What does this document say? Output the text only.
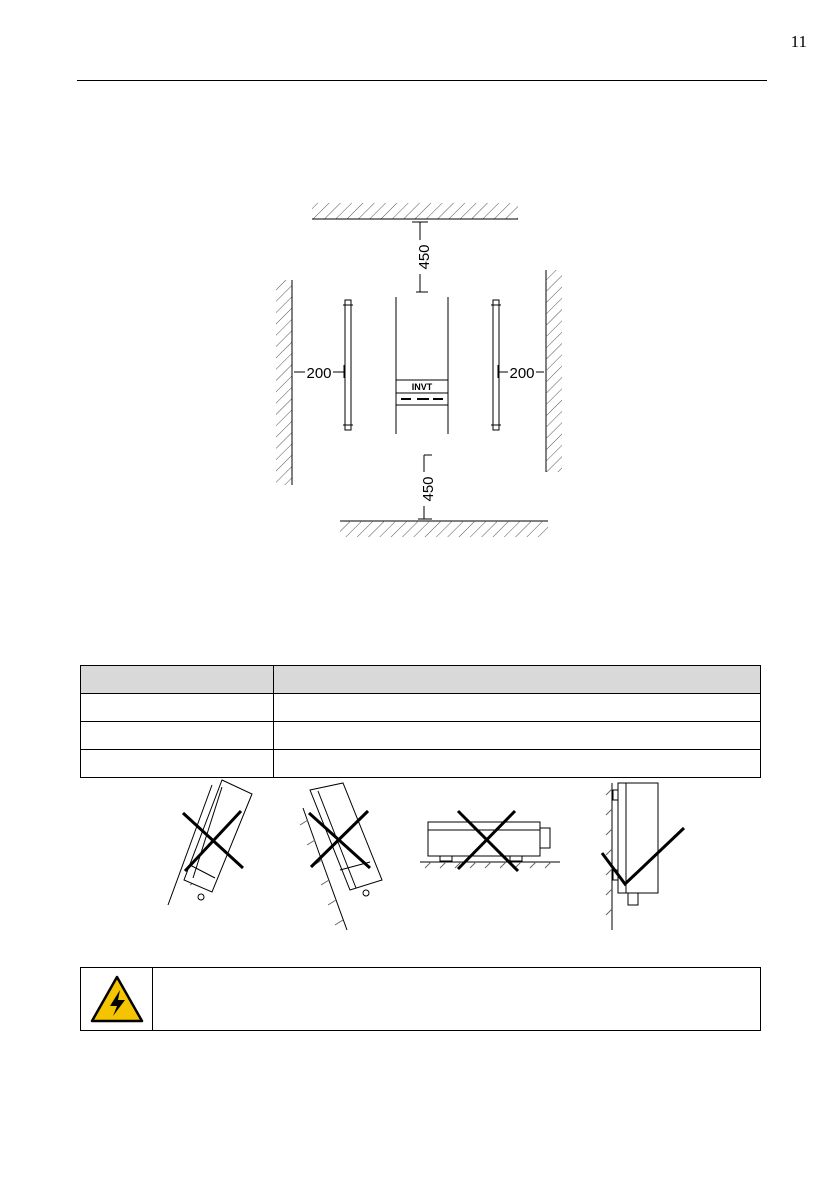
11
450
450
200	200
INVT
